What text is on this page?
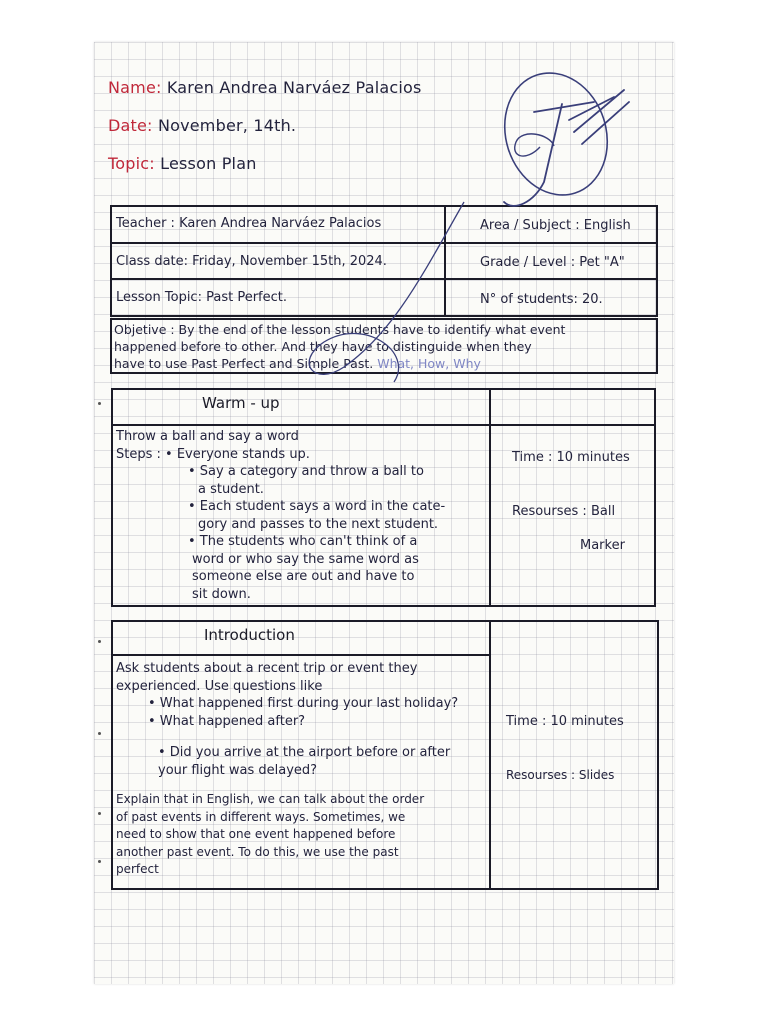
Name: Karen Andrea Narváez Palacios
Date: November, 14th.
Topic: Lesson Plan
Teacher : Karen Andrea Narváez Palacios	Area / Subject : English
Class date: Friday, November 15th, 2024.	Grade / Level : Pet "A"
Lesson Topic: Past Perfect.	N° of students: 20.
Objetive : By the end of the lesson students have to identify what event
happened before to other. And they have to distinguide when they
have to use Past Perfect and Simple Past. What, How, Why
Warm - up
Throw a ball and say a word
Steps : • Everyone stands up.
• Say a category and throw a ball to
a student.
• Each student says a word in the cate-
gory and passes to the next student.
• The students who can't think of a
word or who say the same word as
someone else are out and have to
sit down.
Time : 10 minutes
Resourses : Ball
Marker
Introduction
Ask students about a recent trip or event they
experienced. Use questions like
• What happened first during your last holiday?
• What happened after?
• Did you arrive at the airport before or after
your flight was delayed?
Explain that in English, we can talk about the order
of past events in different ways. Sometimes, we
need to show that one event happened before
another past event. To do this, we use the past
perfect
Time : 10 minutes
Resourses : Slides
